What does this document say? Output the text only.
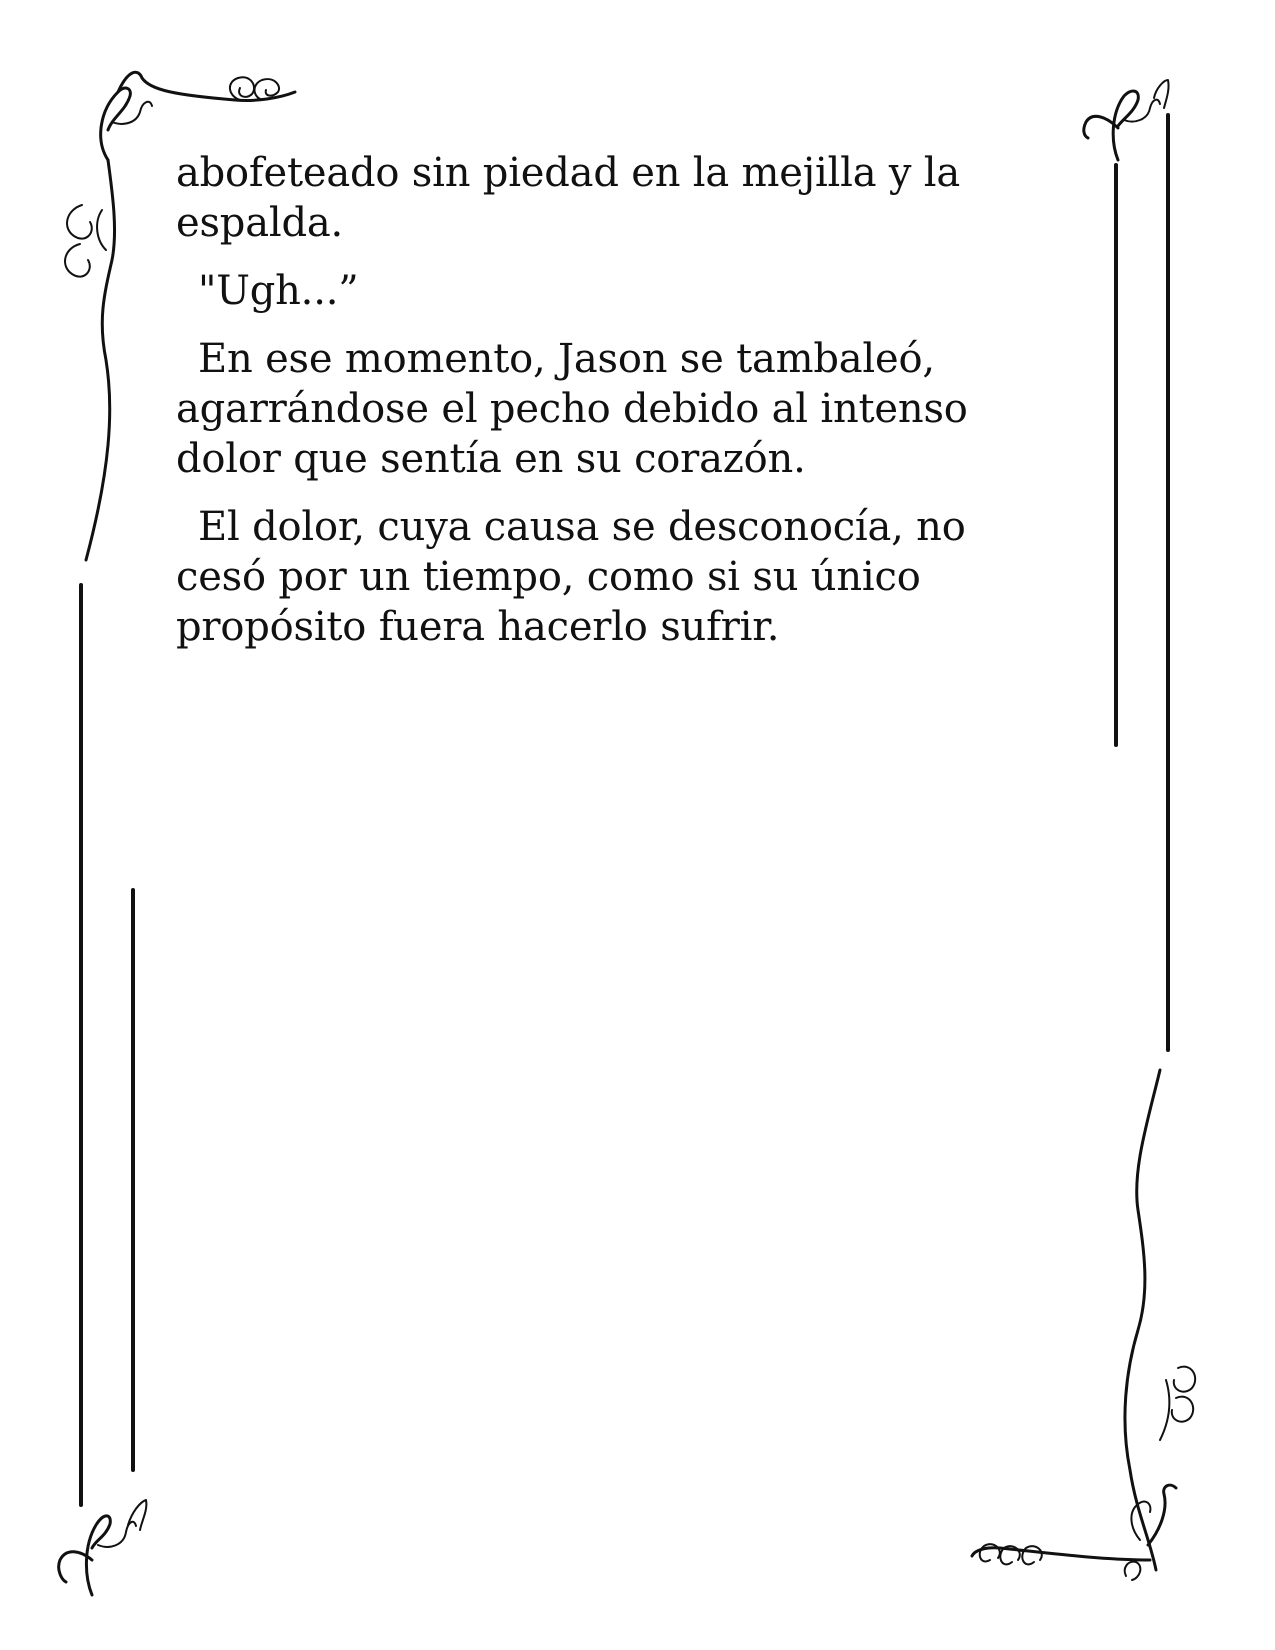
abofeteado sin piedad en la mejilla y la espalda.

"Ugh...”

En ese momento, Jason se tambaleó, agarrándose el pecho debido al intenso dolor que sentía en su corazón.

El dolor, cuya causa se desconocía, no cesó por un tiempo, como si su único propósito fuera hacerlo sufrir.
